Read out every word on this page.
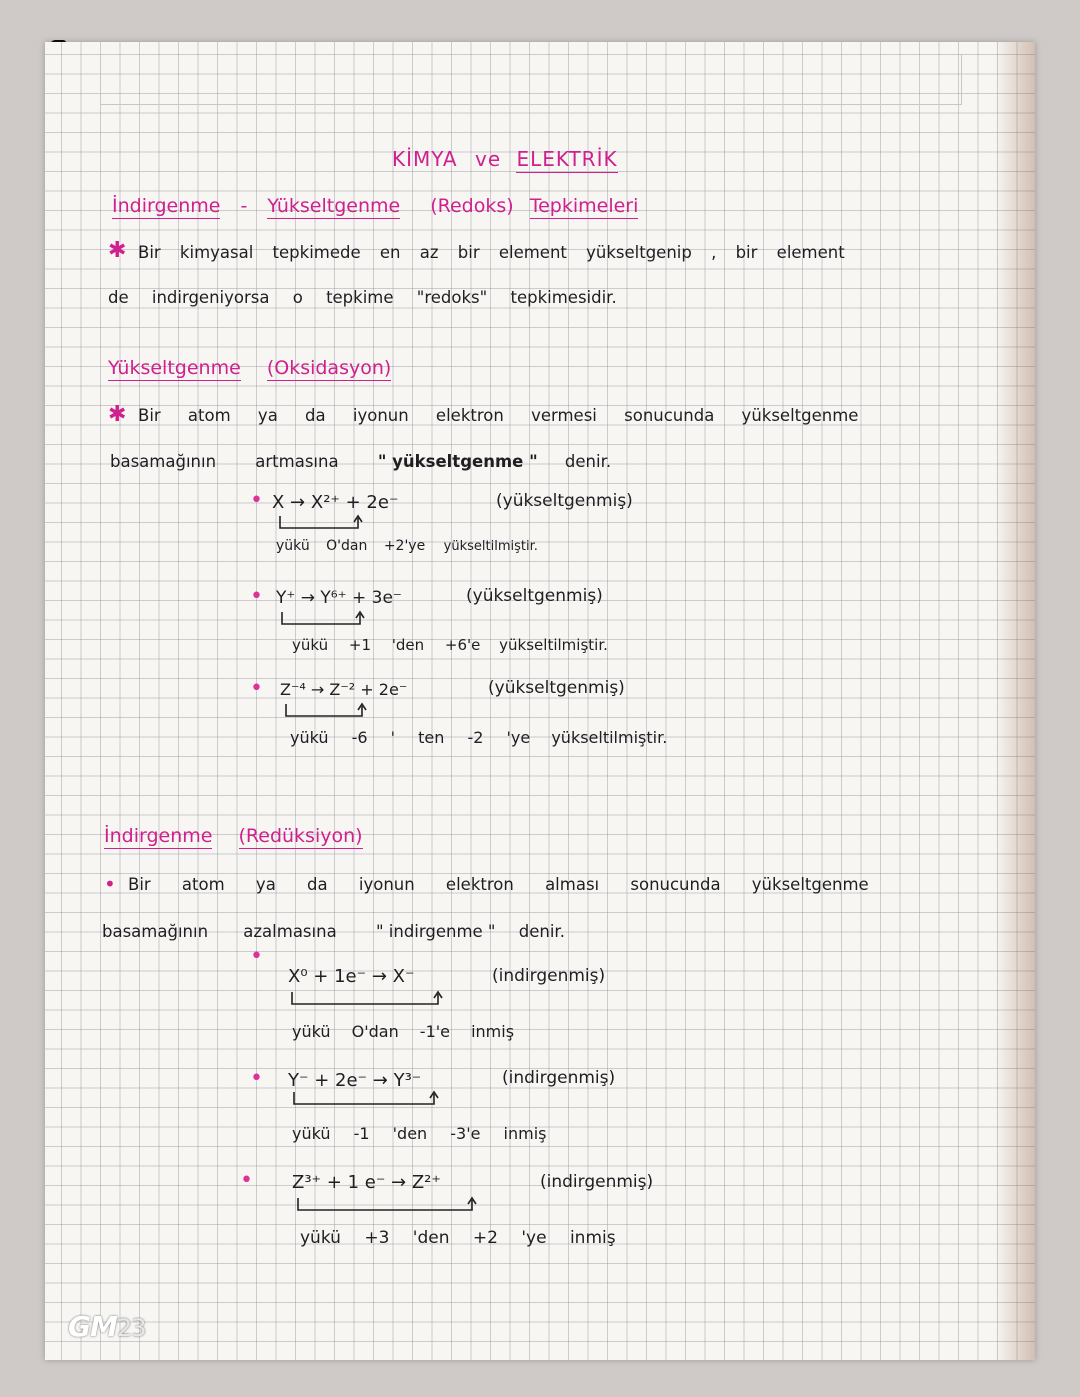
KİMYA ve ELEKTRİK
İndirgenme - Yükseltgenme (Redoks) Tepkimeleri
✱ Bir kimyasal tepkimede en az bir element yükseltgenip , bir element
de indirgeniyorsa o tepkime "redoks" tepkimesidir.
Yükseltgenme (Oksidasyon)
✱ Bir atom ya da iyonun elektron vermesi sonucunda yükseltgenme
basamağının artmasına " yükseltgenme " denir.
• X → X²⁺ + 2e⁻	(yükseltgenmiş)
yükü O'dan +2'ye yükseltilmiştir.
• Y⁺ → Y⁶⁺ + 3e⁻	(yükseltgenmiş)
yükü +1 'den +6'e yükseltilmiştir.
• Z⁻⁴ → Z⁻² + 2e⁻	(yükseltgenmiş)
yükü -6 ' ten -2 'ye yükseltilmiştir.
İndirgenme (Redüksiyon)
• Bir atom ya da iyonun elektron alması sonucunda yükseltgenme
basamağının azalmasına " indirgenme " denir.
•
X⁰ + 1e⁻ → X⁻	(indirgenmiş)
yükü O'dan -1'e inmiş
• Y⁻ + 2e⁻ → Y³⁻	(indirgenmiş)
yükü -1 'den -3'e inmiş
• Z³⁺ + 1 e⁻ → Z²⁺	(indirgenmiş)
yükü +3 'den +2 'ye inmiş
GM23
